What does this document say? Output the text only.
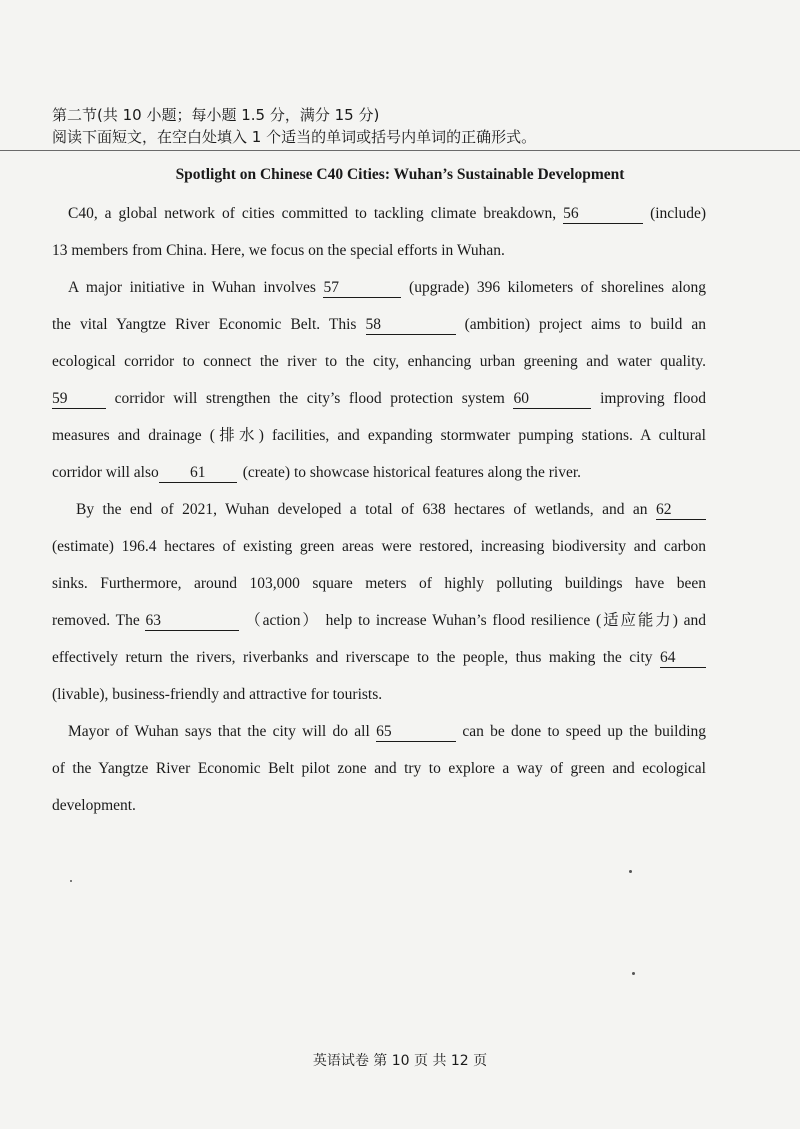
第二节(共 10 小题；每小题 1.5 分，满分 15 分)
阅读下面短文，在空白处填入 1 个适当的单词或括号内单词的正确形式。
Spotlight on Chinese C40 Cities: Wuhan’s Sustainable Development
C40, a global network of cities committed to tackling climate breakdown, 56	(include)
13 members from China. Here, we focus on the special efforts in Wuhan.
A major initiative in Wuhan involves 57	(upgrade) 396 kilometers of shorelines along
the vital Yangtze River Economic Belt. This 58	(ambition) project aims to build an
ecological corridor to connect the river to the city, enhancing urban greening and water quality.
59	corridor will strengthen the city’s flood protection system 60	improving flood
measures and drainage (排水) facilities, and expanding stormwater pumping stations. A cultural
corridor will also 61 (create) to showcase historical features along the river.
By the end of 2021, Wuhan developed a total of 638 hectares of wetlands, and an 62
(estimate) 196.4 hectares of existing green areas were restored, increasing biodiversity and carbon
sinks. Furthermore, around 103,000 square meters of highly polluting buildings have been
removed. The 63	（action） help to increase Wuhan’s flood resilience (适应能力) and
effectively return the rivers, riverbanks and riverscape to the people, thus making the city 64
(livable), business-friendly and attractive for tourists.
Mayor of Wuhan says that the city will do all 65	can be done to speed up the building
of the Yangtze River Economic Belt pilot zone and try to explore a way of green and ecological
development.
英语试卷 第 10 页 共 12 页
